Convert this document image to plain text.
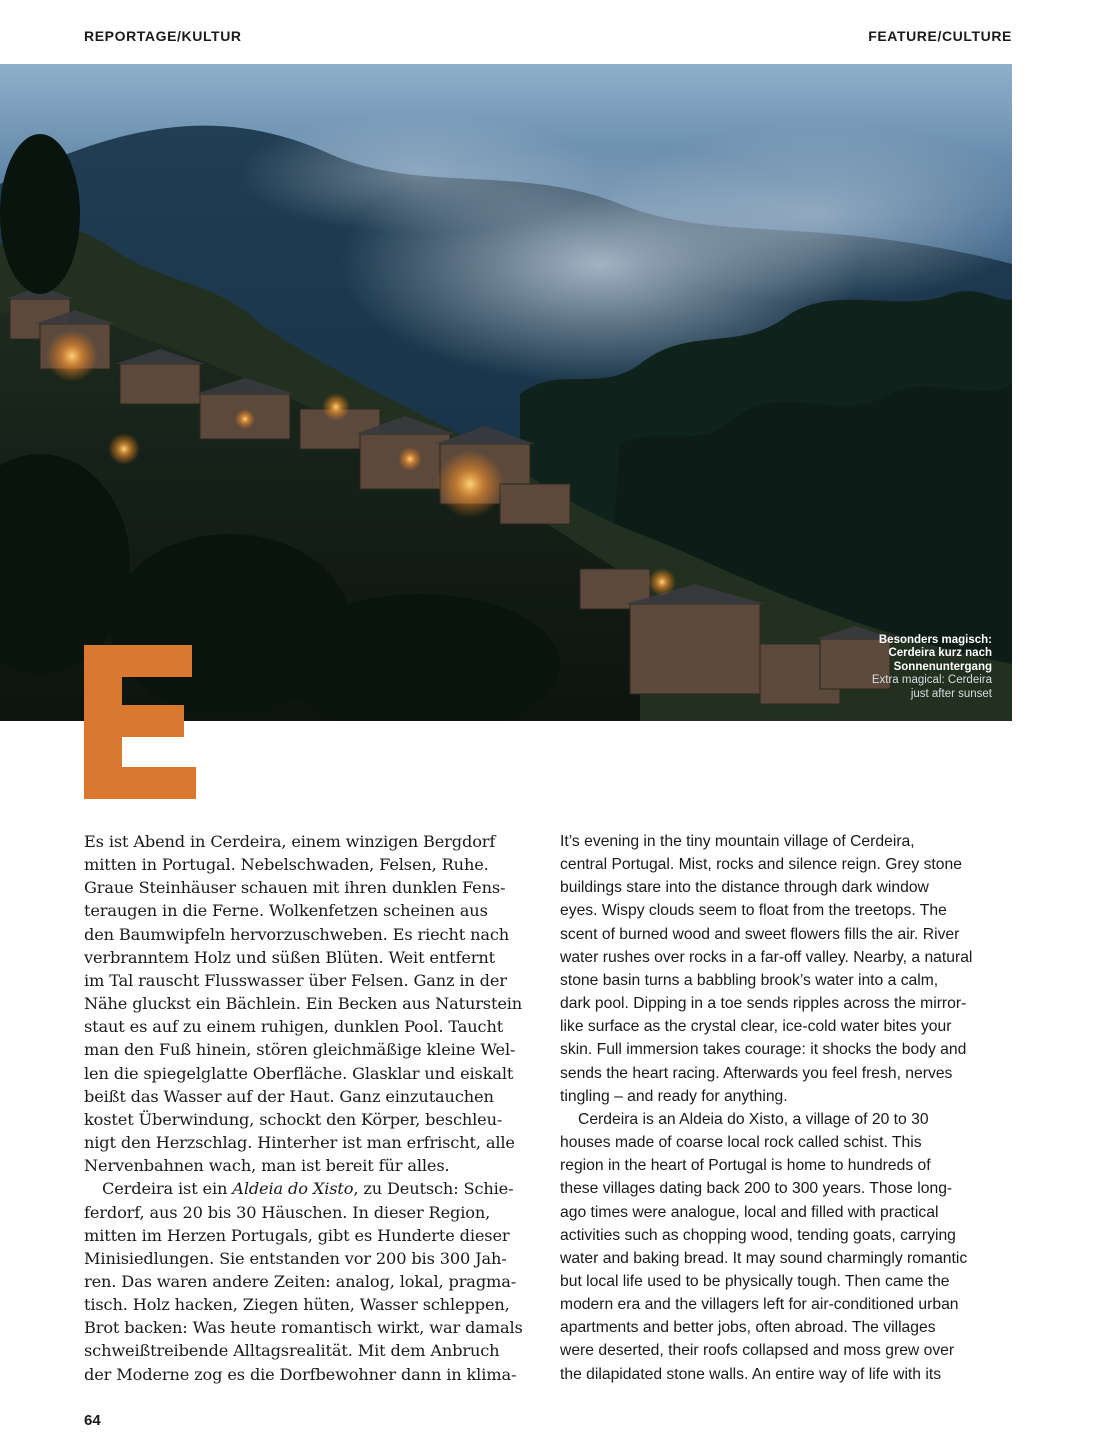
REPORTAGE/KULTUR	FEATURE/CULTURE
Besonders magisch:
Cerdeira kurz nach
Sonnenuntergang
Extra magical: Cerdeira
just after sunset
Es ist Abend in Cerdeira, einem winzigen Bergdorf
mitten in Portugal. Nebelschwaden, Felsen, Ruhe.
Graue Steinhäuser schauen mit ihren dunklen Fens-
teraugen in die Ferne. Wolkenfetzen scheinen aus
den Baumwipfeln hervorzuschweben. Es riecht nach
verbranntem Holz und süßen Blüten. Weit entfernt
im Tal rauscht Flusswasser über Felsen. Ganz in der
Nähe gluckst ein Bächlein. Ein Becken aus Naturstein
staut es auf zu einem ruhigen, dunklen Pool. Taucht
man den Fuß hinein, stören gleichmäßige kleine Wel-
len die spiegelglatte Oberfläche. Glasklar und eiskalt
beißt das Wasser auf der Haut. Ganz einzutauchen
kostet Überwindung, schockt den Körper, beschleu-
nigt den Herzschlag. Hinterher ist man erfrischt, alle
Nervenbahnen wach, man ist bereit für alles.
Cerdeira ist ein Aldeia do Xisto, zu Deutsch: Schie-
ferdorf, aus 20 bis 30 Häuschen. In dieser Region,
mitten im Herzen Portugals, gibt es Hunderte dieser
Minisiedlungen. Sie entstanden vor 200 bis 300 Jah-
ren. Das waren andere Zeiten: analog, lokal, pragma-
tisch. Holz hacken, Ziegen hüten, Wasser schleppen,
Brot backen: Was heute romantisch wirkt, war damals
schweißtreibende Alltagsrealität. Mit dem Anbruch
der Moderne zog es die Dorfbewohner dann in klima-
It’s evening in the tiny mountain village of Cerdeira,
central Portugal. Mist, rocks and silence reign. Grey stone
buildings stare into the distance through dark window
eyes. Wispy clouds seem to float from the treetops. The
scent of burned wood and sweet flowers fills the air. River
water rushes over rocks in a far-off valley. Nearby, a natural
stone basin turns a babbling brook’s water into a calm,
dark pool. Dipping in a toe sends ripples across the mirror-
like surface as the crystal clear, ice-cold water bites your
skin. Full immersion takes courage: it shocks the body and
sends the heart racing. Afterwards you feel fresh, nerves
tingling – and ready for anything.
Cerdeira is an Aldeia do Xisto, a village of 20 to 30
houses made of coarse local rock called schist. This
region in the heart of Portugal is home to hundreds of
these villages dating back 200 to 300 years. Those long-
ago times were analogue, local and filled with practical
activities such as chopping wood, tending goats, carrying
water and baking bread. It may sound charmingly romantic
but local life used to be physically tough. Then came the
modern era and the villagers left for air-conditioned urban
apartments and better jobs, often abroad. The villages
were deserted, their roofs collapsed and moss grew over
the dilapidated stone walls. An entire way of life with its
64
